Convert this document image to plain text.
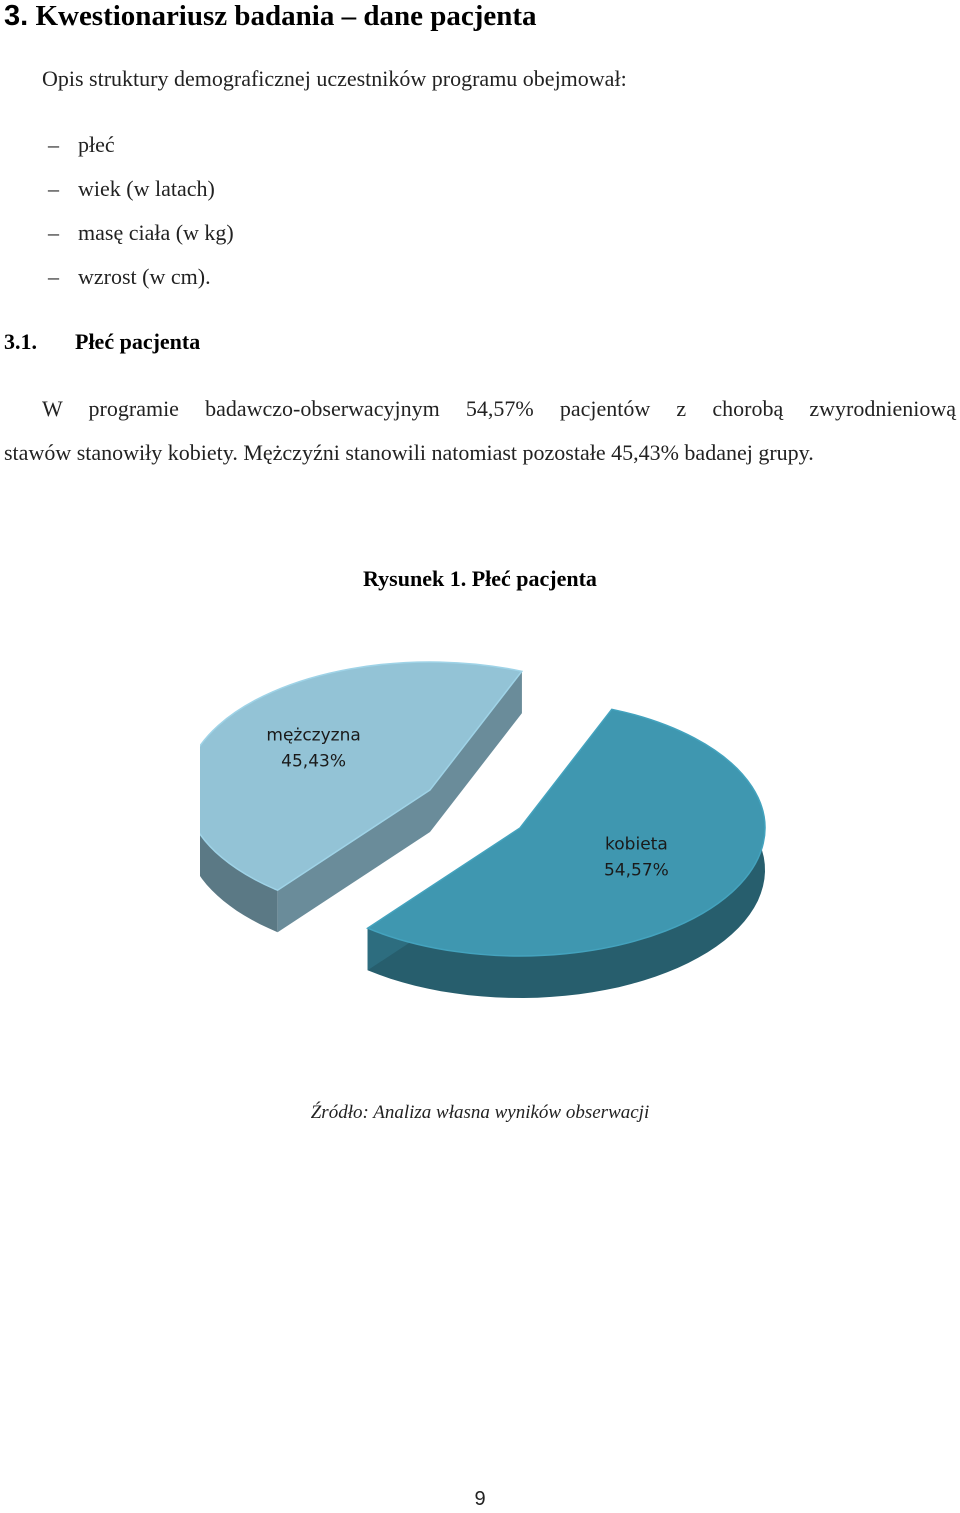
3. Kwestionariusz badania – dane pacjenta
Opis struktury demograficznej uczestników programu obejmował:
– płeć
– wiek (w latach)
– masę ciała (w kg)
– wzrost (w cm).
3.1. Płeć pacjenta
W programie badawczo-obserwacyjnym 54,57% pacjentów z chorobą zwyrodnieniową
stawów stanowiły kobiety. Mężczyźni stanowili natomiast pozostałe 45,43% badanej grupy.
Rysunek 1. Płeć pacjenta
mężczyzna
45,43%
kobieta
54,57%
Źródło: Analiza własna wyników obserwacji
9
